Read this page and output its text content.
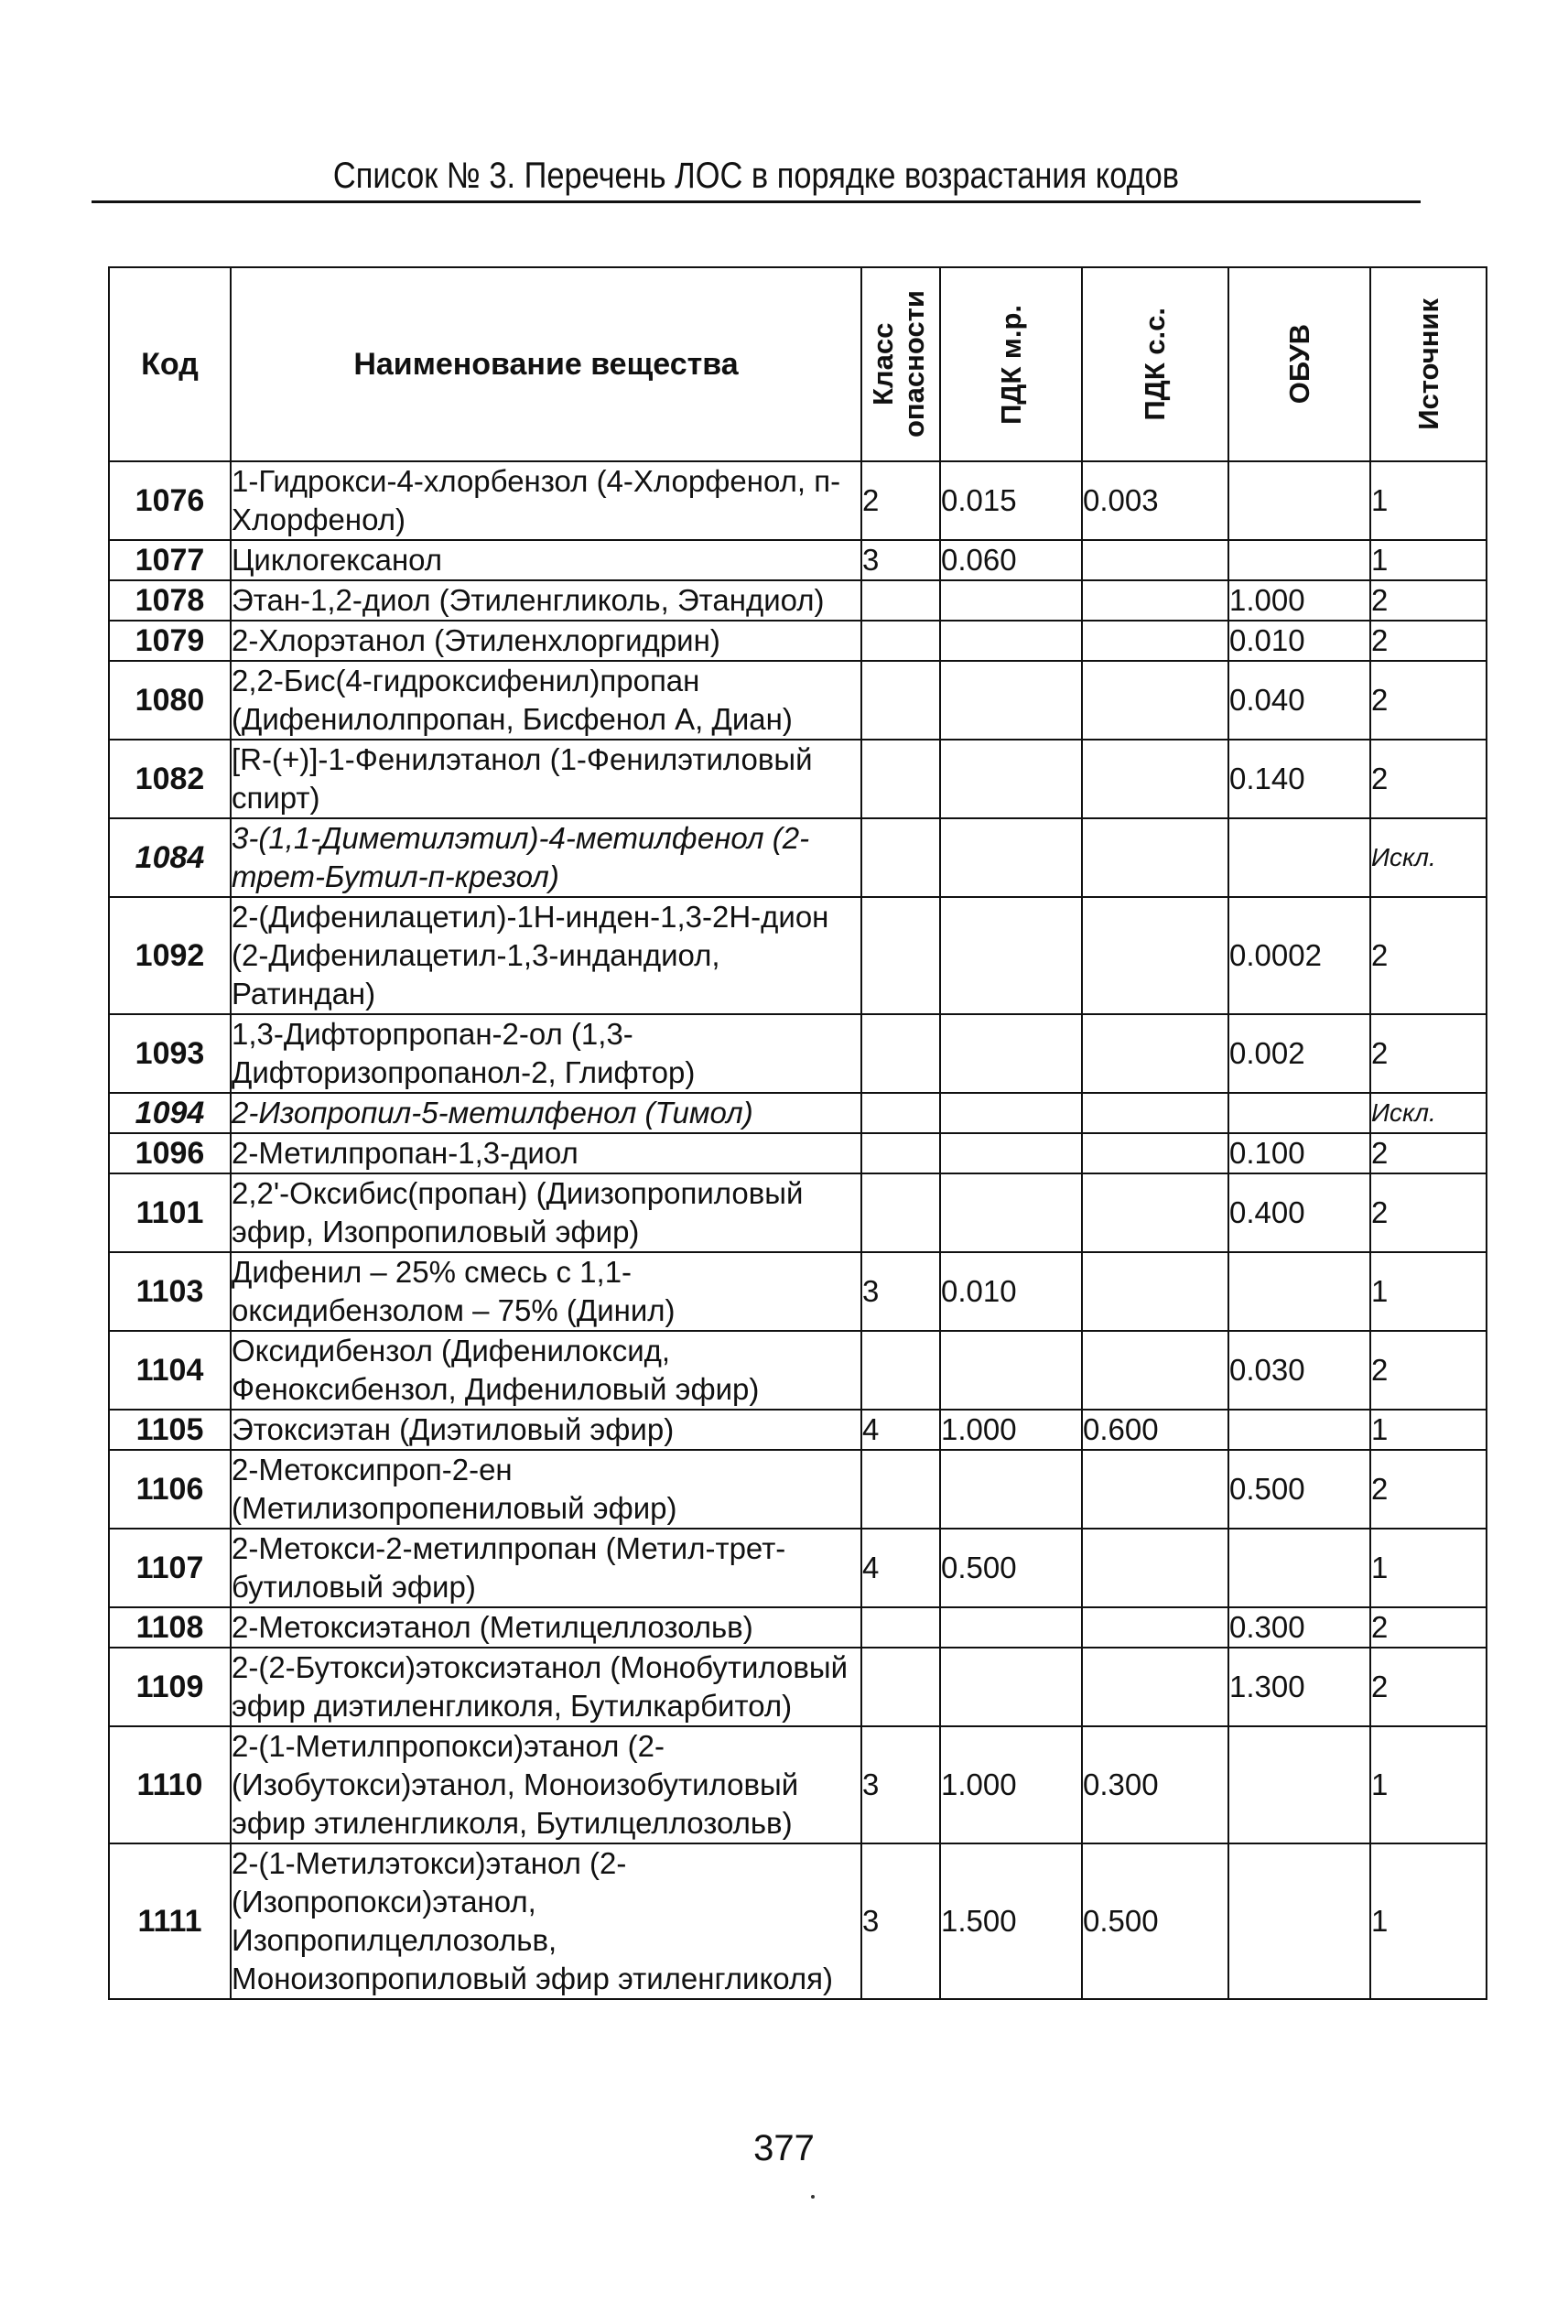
Список № 3. Перечень ЛОС в порядке возрастания кодов
Код	Наименование вещества	Класс опасности	ПДК м.р.	ПДК с.с.	ОБУВ	Источник

1076	1-Гидрокси-4-хлорбензол (4-Хлорфенол, п-Хлорфенол)	2	0.015	0.003		1
1077	Циклогексанол	3	0.060			1
1078	Этан-1,2-диол (Этиленгликоль, Этандиол)				1.000	2
1079	2-Хлорэтанол (Этиленхлоргидрин)				0.010	2
1080	2,2-Бис(4-гидроксифенил)пропан (Дифенилолпропан, Бисфенол А, Диан)				0.040	2
1082	[R-(+)]-1-Фенилэтанол (1-Фенилэтиловый спирт)				0.140	2
1084	3-(1,1-Диметилэтил)-4-метилфенол (2-трет-Бутил-п-крезол)					Искл.
1092	2-(Дифенилацетил)-1Н-инден-1,3-2Н-дион (2-Дифенилацетил-1,3-индандиол, Ратиндан)				0.0002	2
1093	1,3-Дифторпропан-2-ол (1,3-Дифторизопропанол-2, Глифтор)				0.002	2
1094	2-Изопропил-5-метилфенол (Тимол)					Искл.
1096	2-Метилпропан-1,3-диол				0.100	2
1101	2,2'-Оксибис(пропан) (Диизопропиловый эфир, Изопропиловый эфир)				0.400	2
1103	Дифенил – 25% смесь с 1,1-оксидибензолом – 75% (Динил)	3	0.010			1
1104	Оксидибензол (Дифенилоксид, Феноксибензол, Дифениловый эфир)				0.030	2
1105	Этоксиэтан (Диэтиловый эфир)	4	1.000	0.600		1
1106	2-Метоксипроп-2-ен (Метилизопропениловый эфир)				0.500	2
1107	2-Метокси-2-метилпропан (Метил-трет-бутиловый эфир)	4	0.500			1
1108	2-Метоксиэтанол (Метилцеллозольв)				0.300	2
1109	2-(2-Бутокси)этоксиэтанол (Монобутиловый эфир диэтиленгликоля, Бутилкарбитол)				1.300	2
1110	2-(1-Метилпропокси)этанол (2-(Изобутокси)этанол, Моноизобутиловый эфир этиленгликоля, Бутилцеллозольв)	3	1.000	0.300		1
1111	2-(1-Метилэтокси)этанол (2-(Изопропокси)этанол, Изопропилцеллозольв, Моноизопропиловый эфир этиленгликоля)	3	1.500	0.500		1
377
